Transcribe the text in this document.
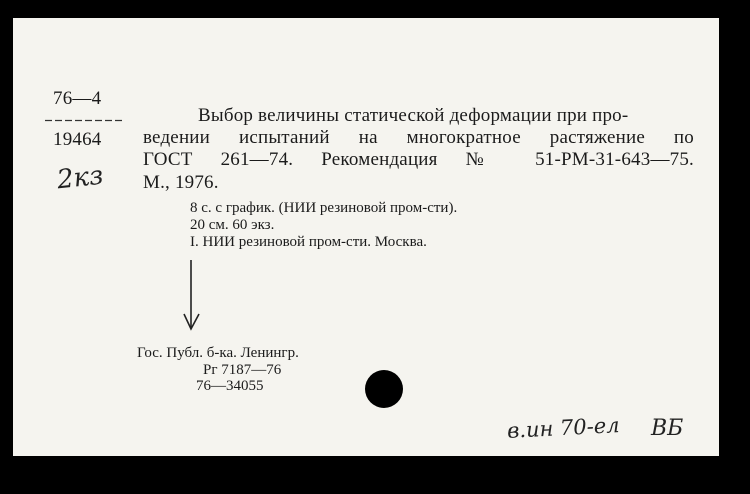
76—4
19464
2кз
Выбор величины статической деформации при про-
ведении испытаний на многократное растяжение по
ГОСТ 261—74. Рекомендация № 51-РМ-31-643—75.
М., 1976.
8 с. с график. (НИИ резиновой пром-сти).
20 см. 60 экз.
I. НИИ резиновой пром-сти. Москва.
Гос. Публ. б-ка. Ленингр.
Рг 7187—76
76—34055
в.ин 70-ел ВБ
